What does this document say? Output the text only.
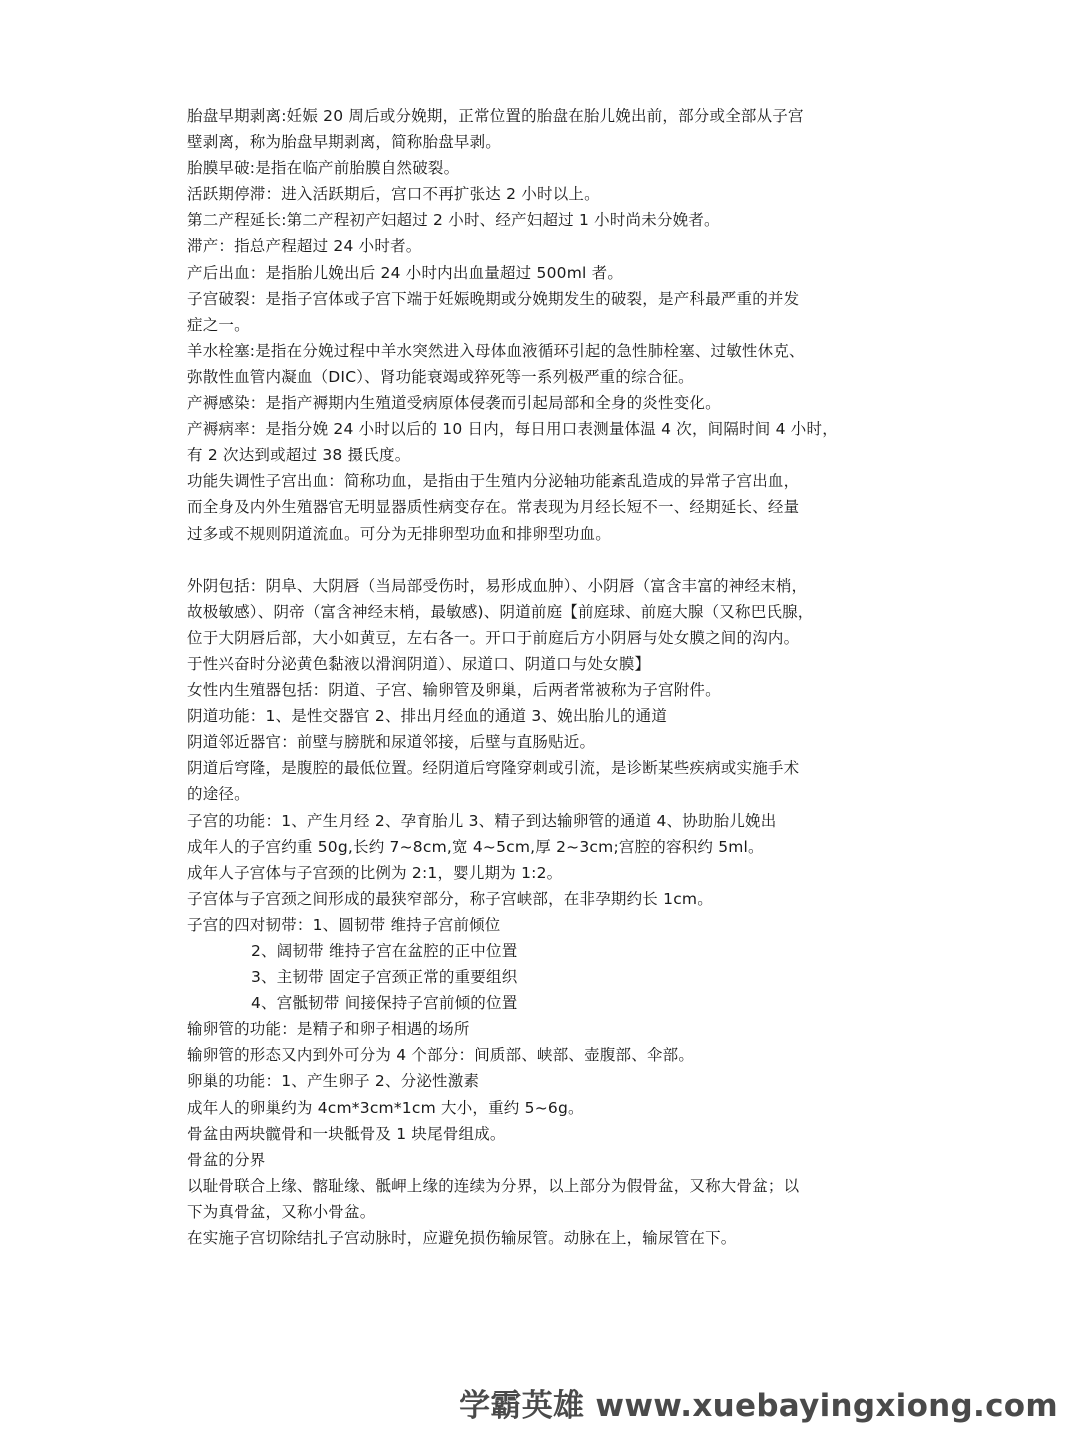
胎盘早期剥离:妊娠 20 周后或分娩期，正常位置的胎盘在胎儿娩出前，部分或全部从子宫
壁剥离，称为胎盘早期剥离，简称胎盘早剥。
胎膜早破:是指在临产前胎膜自然破裂。
活跃期停滞：进入活跃期后，宫口不再扩张达 2 小时以上。
第二产程延长:第二产程初产妇超过 2 小时、经产妇超过 1 小时尚未分娩者。
滞产：指总产程超过 24 小时者。
产后出血：是指胎儿娩出后 24 小时内出血量超过 500ml 者。
子宫破裂：是指子宫体或子宫下端于妊娠晚期或分娩期发生的破裂，是产科最严重的并发
症之一。
羊水栓塞:是指在分娩过程中羊水突然进入母体血液循环引起的急性肺栓塞、过敏性休克、
弥散性血管内凝血（DIC）、肾功能衰竭或猝死等一系列极严重的综合征。
产褥感染：是指产褥期内生殖道受病原体侵袭而引起局部和全身的炎性变化。
产褥病率：是指分娩 24 小时以后的 10 日内，每日用口表测量体温 4 次，间隔时间 4 小时，
有 2 次达到或超过 38 摄氏度。
功能失调性子宫出血：简称功血，是指由于生殖内分泌轴功能紊乱造成的异常子宫出血，
而全身及内外生殖器官无明显器质性病变存在。常表现为月经长短不一、经期延长、经量
过多或不规则阴道流血。可分为无排卵型功血和排卵型功血。
外阴包括：阴阜、大阴唇（当局部受伤时，易形成血肿）、小阴唇（富含丰富的神经末梢，
故极敏感）、阴帝（富含神经末梢，最敏感)、阴道前庭【前庭球、前庭大腺（又称巴氏腺，
位于大阴唇后部，大小如黄豆，左右各一。开口于前庭后方小阴唇与处女膜之间的沟内。
于性兴奋时分泌黄色黏液以滑润阴道）、尿道口、阴道口与处女膜】
女性内生殖器包括：阴道、子宫、输卵管及卵巢，后两者常被称为子宫附件。
阴道功能：1、是性交器官 2、排出月经血的通道 3、娩出胎儿的通道
阴道邻近器官：前壁与膀胱和尿道邻接，后壁与直肠贴近。
阴道后穹隆，是腹腔的最低位置。经阴道后穹隆穿刺或引流，是诊断某些疾病或实施手术
的途径。
子宫的功能：1、产生月经 2、孕育胎儿 3、精子到达输卵管的通道 4、协助胎儿娩出
成年人的子宫约重 50g,长约 7~8cm,宽 4~5cm,厚 2~3cm;宫腔的容积约 5ml。
成年人子宫体与子宫颈的比例为 2:1，婴儿期为 1:2。
子宫体与子宫颈之间形成的最狭窄部分，称子宫峡部，在非孕期约长 1cm。
子宫的四对韧带：1、圆韧带 维持子宫前倾位
2、阔韧带 维持子宫在盆腔的正中位置
3、主韧带 固定子宫颈正常的重要组织
4、宫骶韧带 间接保持子宫前倾的位置
输卵管的功能：是精子和卵子相遇的场所
输卵管的形态又内到外可分为 4 个部分：间质部、峡部、壶腹部、伞部。
卵巢的功能：1、产生卵子 2、分泌性激素
成年人的卵巢约为 4cm*3cm*1cm 大小，重约 5~6g。
骨盆由两块髋骨和一块骶骨及 1 块尾骨组成。
骨盆的分界
以耻骨联合上缘、髂耻缘、骶岬上缘的连续为分界，以上部分为假骨盆，又称大骨盆；以
下为真骨盆，又称小骨盆。
在实施子宫切除结扎子宫动脉时，应避免损伤输尿管。动脉在上，输尿管在下。
学霸英雄 www.xuebayingxiong.com
